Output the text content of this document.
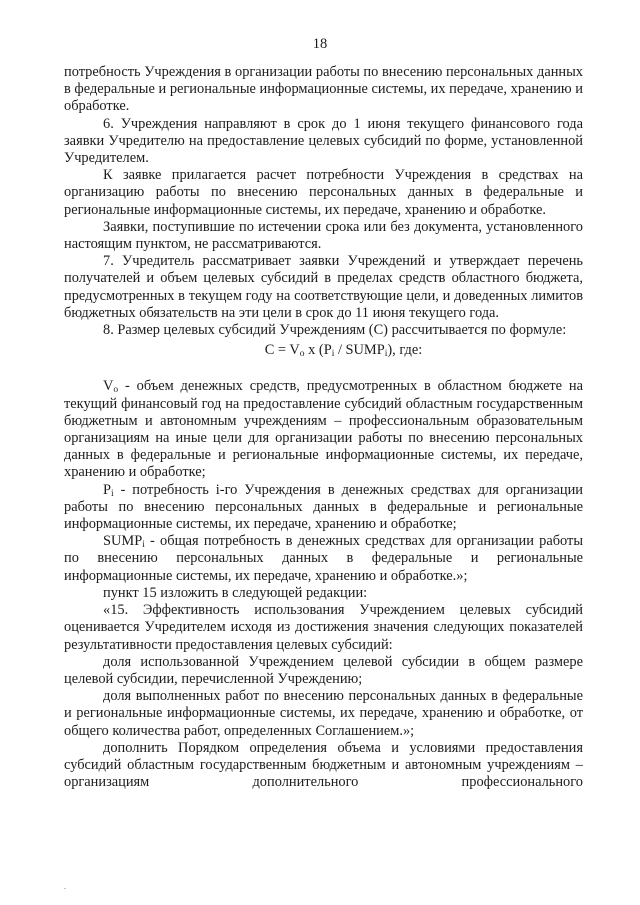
18

потребность Учреждения в организации работы по внесению персональных данных в федеральные и региональные информационные системы, их передаче, хранению и обработке.

6. Учреждения направляют в срок до 1 июня текущего финансового года заявки Учредителю на предоставление целевых субсидий по форме, установленной Учредителем.

К заявке прилагается расчет потребности Учреждения в средствах на организацию работы по внесению персональных данных в федеральные и региональные информационные системы, их передаче, хранению и обработке.

Заявки, поступившие по истечении срока или без документа, установленного настоящим пунктом, не рассматриваются.

7. Учредитель рассматривает заявки Учреждений и утверждает перечень получателей и объем целевых субсидий в пределах средств областного бюджета, предусмотренных в текущем году на соответствующие цели, и доведенных лимитов бюджетных обязательств на эти цели в срок до 11 июня текущего года.

8. Размер целевых субсидий Учреждениям (С) рассчитывается по формуле:

$C = V_o$ x ($P_i$ / $SUMP_i$), где:

$V_o$ - объем денежных средств, предусмотренных в областном бюджете на текущий финансовый год на предоставление субсидий областным государственным бюджетным и автономным учреждениям – профессиональным образовательным организациям на иные цели для организации работы по внесению персональных данных в федеральные и региональные информационные системы, их передаче, хранению и обработке;

$P_i$ - потребность i-го Учреждения в денежных средствах для организации работы по внесению персональных данных в федеральные и региональные информационные системы, их передаче, хранению и обработке;

$SUMP_i$ - общая потребность в денежных средствах для организации работы по внесению персональных данных в федеральные и региональные информационные системы, их передаче, хранению и обработке.»;

пункт 15 изложить в следующей редакции:

«15. Эффективность использования Учреждением целевых субсидий оценивается Учредителем исходя из достижения значения следующих показателей результативности предоставления целевых субсидий:

доля использованной Учреждением целевой субсидии в общем размере целевой субсидии, перечисленной Учреждению;

доля выполненных работ по внесению персональных данных в федеральные и региональные информационные системы, их передаче, хранению и обработке, от общего количества работ, определенных Соглашением.»;

дополнить Порядком определения объема и условиями предоставления субсидий областным государственным бюджетным и автономным учреждениям – организациям дополнительного профессионального
